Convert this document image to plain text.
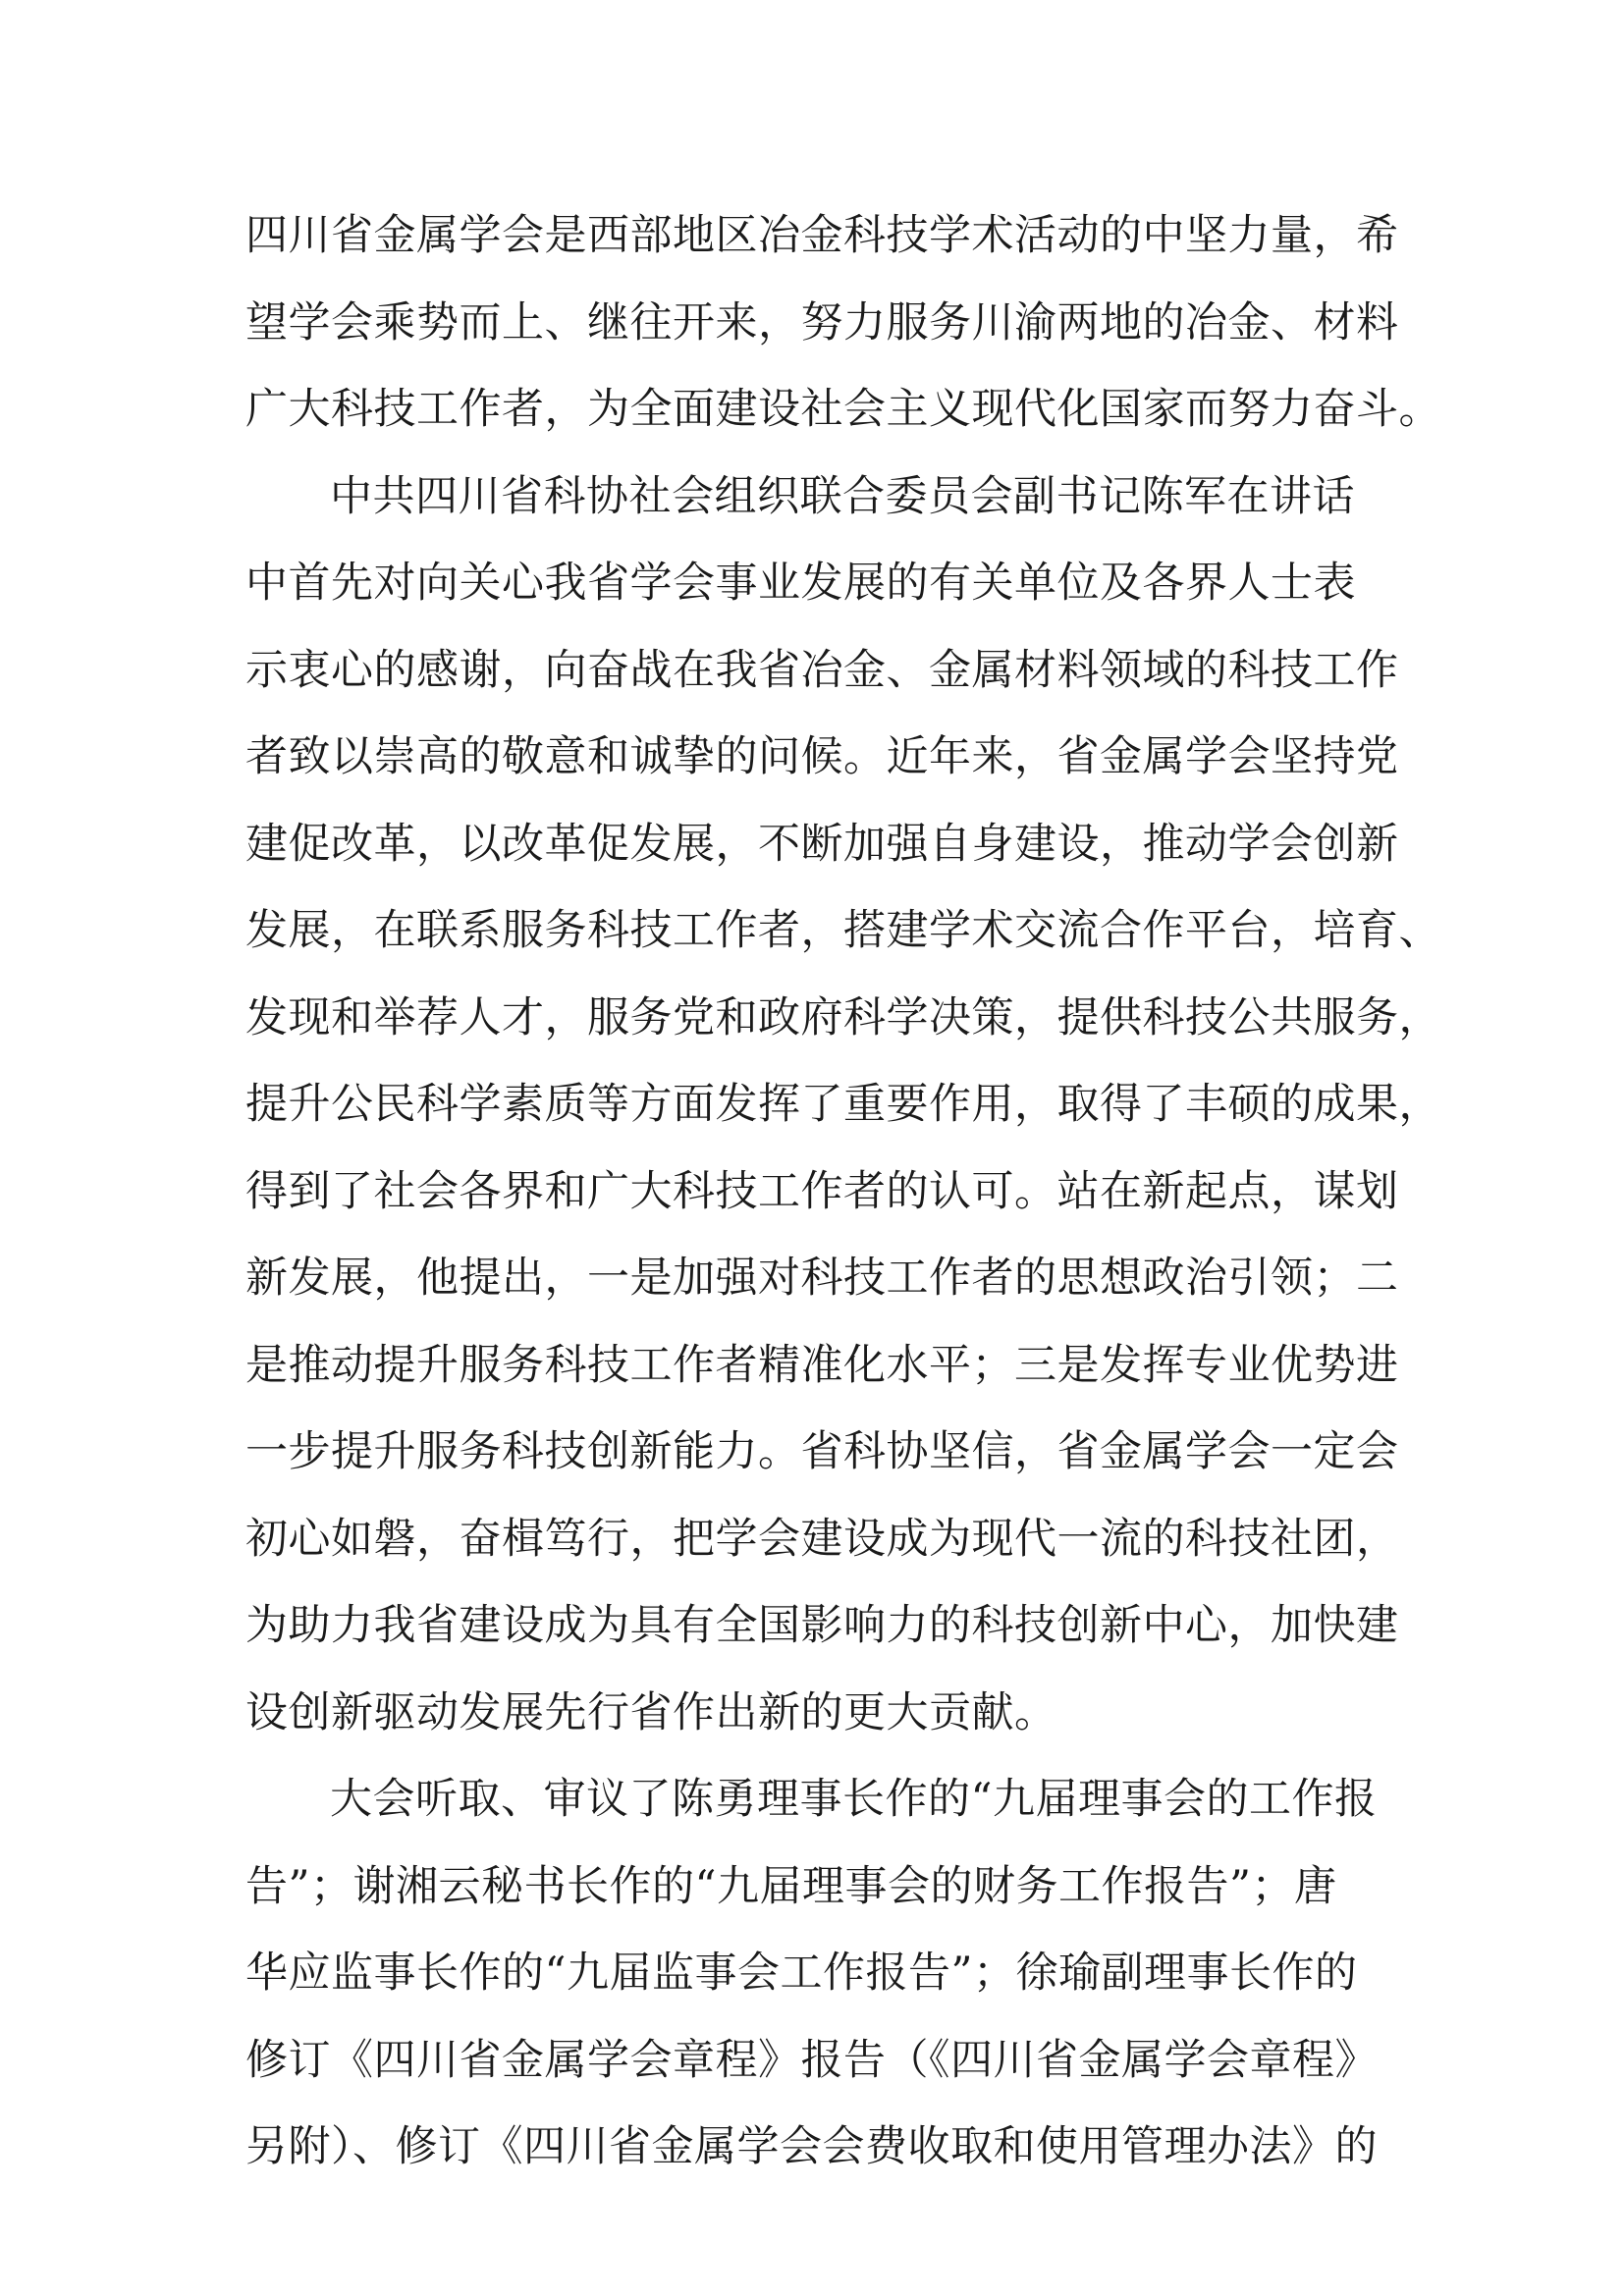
四川省金属学会是西部地区冶金科技学术活动的中坚力量，希
望学会乘势而上、继往开来，努力服务川渝两地的冶金、材料
广大科技工作者，为全面建设社会主义现代化国家而努力奋斗。
中共四川省科协社会组织联合委员会副书记陈军在讲话
中首先对向关心我省学会事业发展的有关单位及各界人士表
示衷心的感谢，向奋战在我省冶金、金属材料领域的科技工作
者致以崇高的敬意和诚挚的问候。近年来，省金属学会坚持党
建促改革，以改革促发展，不断加强自身建设，推动学会创新
发展，在联系服务科技工作者，搭建学术交流合作平台，培育、
发现和举荐人才，服务党和政府科学决策，提供科技公共服务，
提升公民科学素质等方面发挥了重要作用，取得了丰硕的成果，
得到了社会各界和广大科技工作者的认可。站在新起点，谋划
新发展，他提出，一是加强对科技工作者的思想政治引领；二
是推动提升服务科技工作者精准化水平；三是发挥专业优势进
一步提升服务科技创新能力。省科协坚信，省金属学会一定会
初心如磐，奋楫笃行，把学会建设成为现代一流的科技社团，
为助力我省建设成为具有全国影响力的科技创新中心，加快建
设创新驱动发展先行省作出新的更大贡献。
大会听取、审议了陈勇理事长作的“九届理事会的工作报
告”；谢湘云秘书长作的“九届理事会的财务工作报告”；唐
华应监事长作的“九届监事会工作报告”；徐瑜副理事长作的
修订《四川省金属学会章程》报告（《四川省金属学会章程》
另附）、修订《四川省金属学会会费收取和使用管理办法》的
